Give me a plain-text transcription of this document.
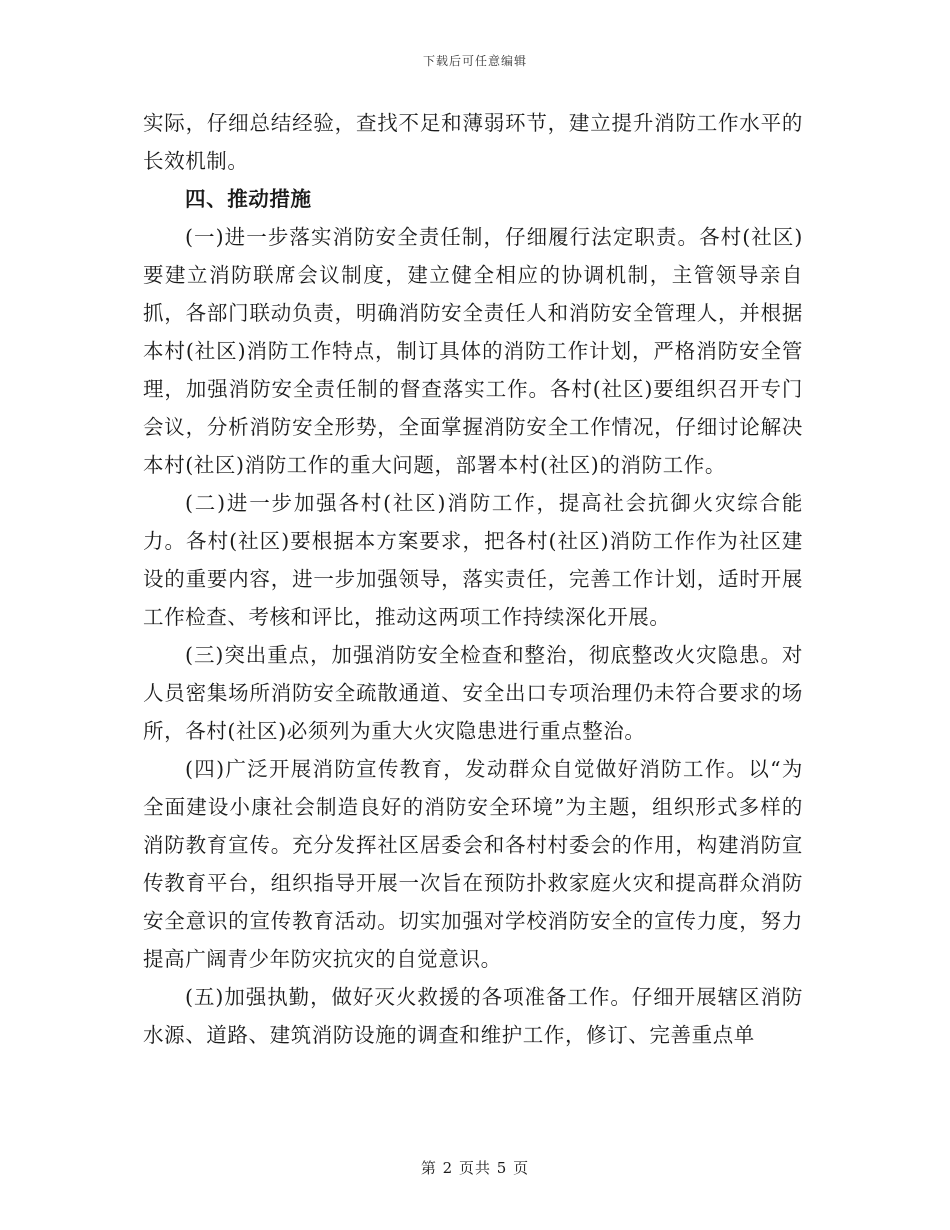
下载后可任意编辑

实际，仔细总结经验，查找不足和薄弱环节，建立提升消防工作水平的长效机制。

四、推动措施

(一)进一步落实消防安全责任制，仔细履行法定职责。各村(社区)要建立消防联席会议制度，建立健全相应的协调机制，主管领导亲自抓，各部门联动负责，明确消防安全责任人和消防安全管理人，并根据本村(社区)消防工作特点，制订具体的消防工作计划，严格消防安全管理，加强消防安全责任制的督查落实工作。各村(社区)要组织召开专门会议，分析消防安全形势，全面掌握消防安全工作情况，仔细讨论解决本村(社区)消防工作的重大问题，部署本村(社区)的消防工作。

(二)进一步加强各村(社区)消防工作，提高社会抗御火灾综合能力。各村(社区)要根据本方案要求，把各村(社区)消防工作作为社区建设的重要内容，进一步加强领导，落实责任，完善工作计划，适时开展工作检查、考核和评比，推动这两项工作持续深化开展。

(三)突出重点，加强消防安全检查和整治，彻底整改火灾隐患。对人员密集场所消防安全疏散通道、安全出口专项治理仍未符合要求的场所，各村(社区)必须列为重大火灾隐患进行重点整治。

(四)广泛开展消防宣传教育，发动群众自觉做好消防工作。以“为全面建设小康社会制造良好的消防安全环境”为主题，组织形式多样的消防教育宣传。充分发挥社区居委会和各村村委会的作用，构建消防宣传教育平台，组织指导开展一次旨在预防扑救家庭火灾和提高群众消防安全意识的宣传教育活动。切实加强对学校消防安全的宣传力度，努力提高广阔青少年防灾抗灾的自觉意识。

(五)加强执勤，做好灭火救援的各项准备工作。仔细开展辖区消防水源、道路、建筑消防设施的调查和维护工作，修订、完善重点单

第 2 页共 5 页
